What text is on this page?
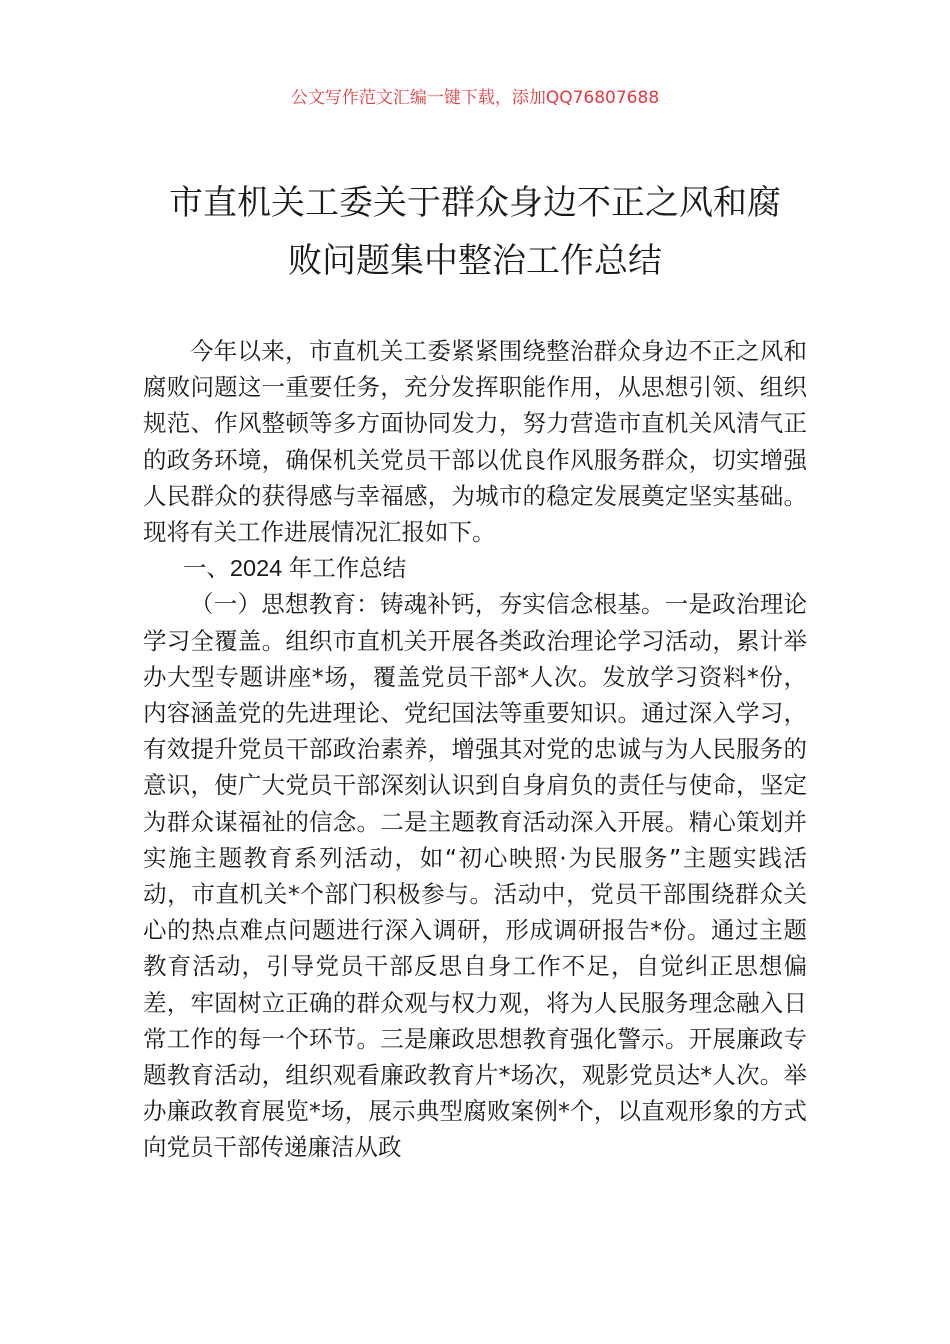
公文写作范文汇编一键下载，添加QQ76807688
市直机关工委关于群众身边不正之风和腐
败问题集中整治工作总结

今年以来，市直机关工委紧紧围绕整治群众身边不正之风和腐败问题这一重要任务，充分发挥职能作用，从思想引领、组织规范、作风整顿等多方面协同发力，努力营造市直机关风清气正的政务环境，确保机关党员干部以优良作风服务群众，切实增强人民群众的获得感与幸福感，为城市的稳定发展奠定坚实基础。现将有关工作进展情况汇报如下。

一、2024 年工作总结

（一）思想教育：铸魂补钙，夯实信念根基。一是政治理论学习全覆盖。组织市直机关开展各类政治理论学习活动，累计举办大型专题讲座*场，覆盖党员干部*人次。发放学习资料*份，内容涵盖党的先进理论、党纪国法等重要知识。通过深入学习，有效提升党员干部政治素养，增强其对党的忠诚与为人民服务的意识，使广大党员干部深刻认识到自身肩负的责任与使命，坚定为群众谋福祉的信念。二是主题教育活动深入开展。精心策划并实施主题教育系列活动，如“初心映照·为民服务”主题实践活动，市直机关*个部门积极参与。活动中，党员干部围绕群众关心的热点难点问题进行深入调研，形成调研报告*份。通过主题教育活动，引导党员干部反思自身工作不足，自觉纠正思想偏差，牢固树立正确的群众观与权力观，将为人民服务理念融入日常工作的每一个环节。三是廉政思想教育强化警示。开展廉政专题教育活动，组织观看廉政教育片*场次，观影党员达*人次。举办廉政教育展览*场，展示典型腐败案例*个，以直观形象的方式向党员干部传递廉洁从政
